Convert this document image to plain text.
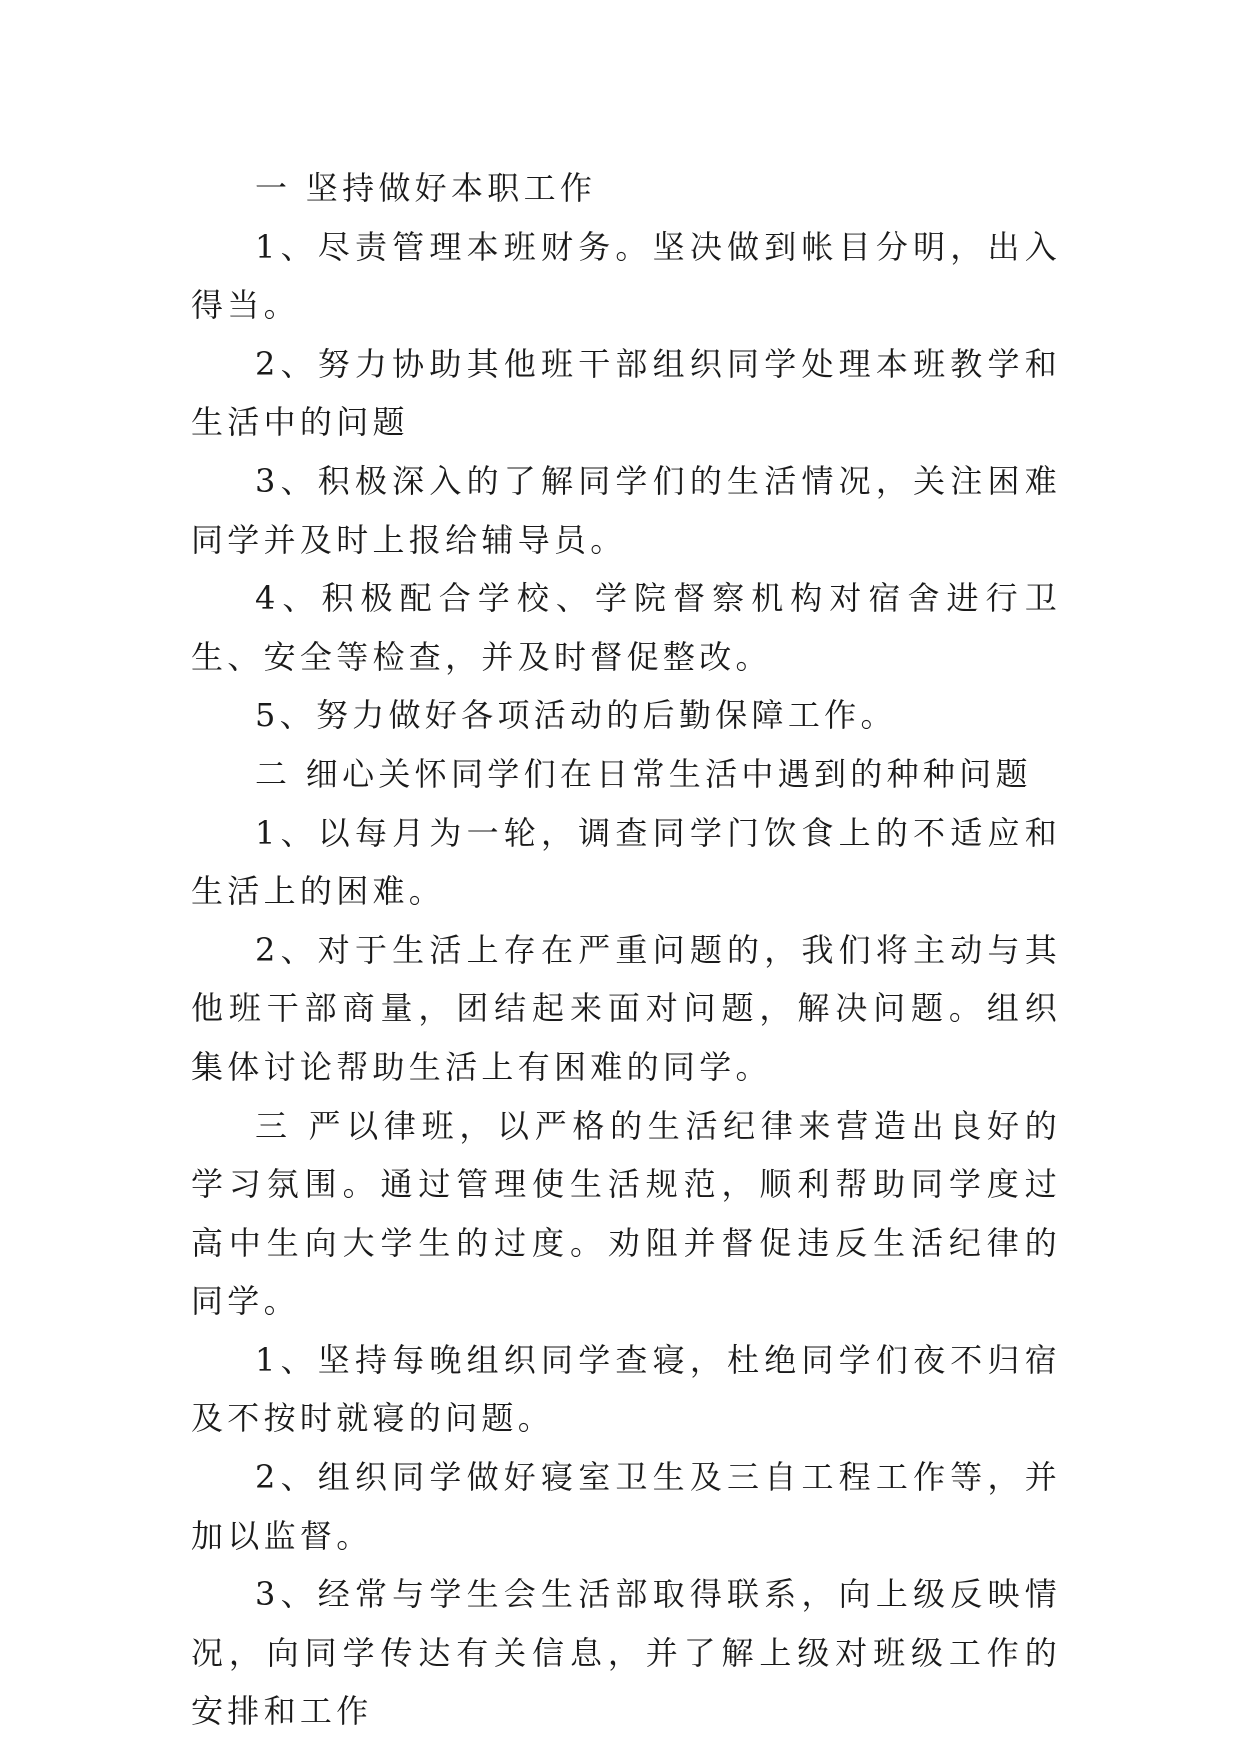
一 坚持做好本职工作

1、尽责管理本班财务。坚决做到帐目分明，出入得当。

2、努力协助其他班干部组织同学处理本班教学和生活中的问题

3、积极深入的了解同学们的生活情况，关注困难同学并及时上报给辅导员。

4、积极配合学校、学院督察机构对宿舍进行卫生、安全等检查，并及时督促整改。

5、努力做好各项活动的后勤保障工作。

二 细心关怀同学们在日常生活中遇到的种种问题

1、以每月为一轮，调查同学门饮食上的不适应和生活上的困难。

2、对于生活上存在严重问题的，我们将主动与其他班干部商量，团结起来面对问题，解决问题。组织集体讨论帮助生活上有困难的同学。

三 严以律班，以严格的生活纪律来营造出良好的学习氛围。通过管理使生活规范，顺利帮助同学度过高中生向大学生的过度。劝阻并督促违反生活纪律的同学。

1、坚持每晚组织同学查寝，杜绝同学们夜不归宿及不按时就寝的问题。

2、组织同学做好寝室卫生及三自工程工作等，并加以监督。

3、经常与学生会生活部取得联系，向上级反映情况，向同学传达有关信息，并了解上级对班级工作的安排和工作
